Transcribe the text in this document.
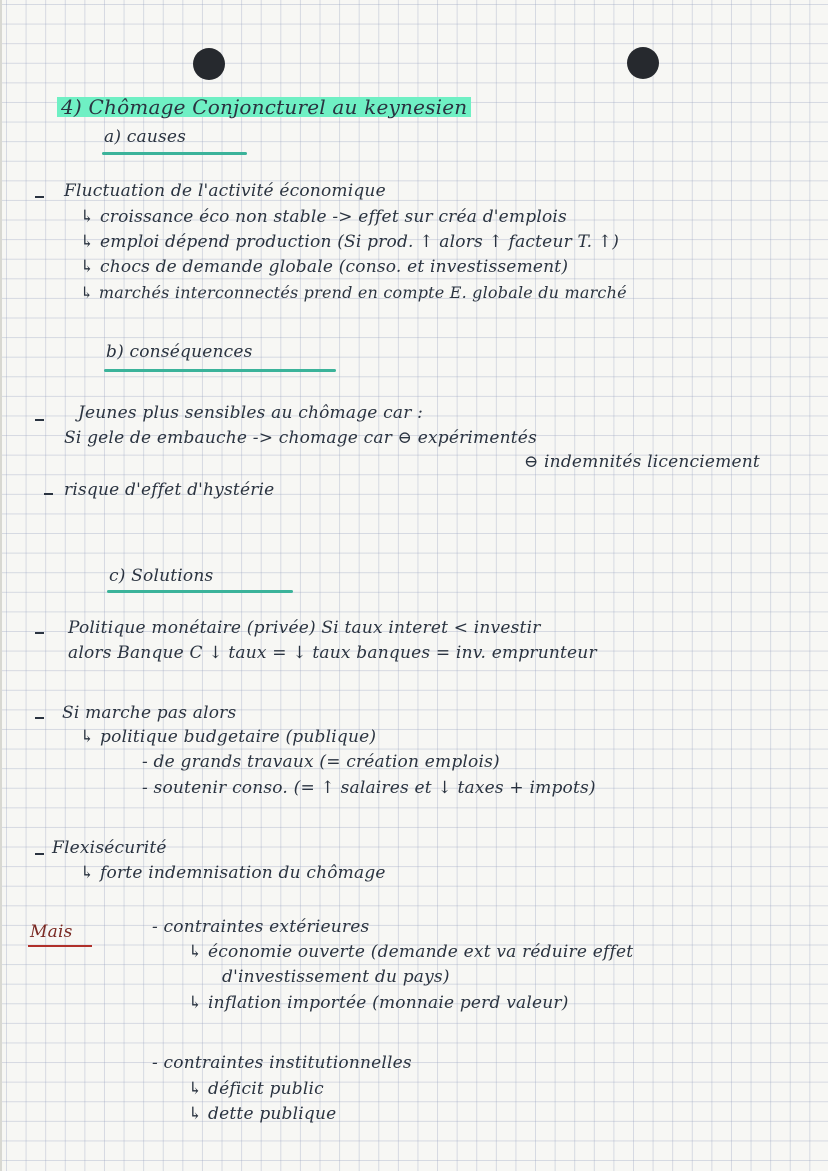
4) Chômage Conjoncturel au keynesien
a) causes
Fluctuation de l'activité économique
↳ croissance éco non stable -> effet sur créa d'emplois
↳ emploi dépend production (Si prod. ↑ alors ↑ facteur T. ↑)
↳ chocs de demande globale (conso. et investissement)
↳ marchés interconnectés prend en compte E. globale du marché
b) conséquences
Jeunes plus sensibles au chômage car :
Si gele de embauche -> chomage car ⊖ expérimentés
⊖ indemnités licenciement
risque d'effet d'hystérie
c) Solutions
Politique monétaire (privée) Si taux interet < investir
alors Banque C ↓ taux = ↓ taux banques = inv. emprunteur
Si marche pas alors
↳ politique budgetaire (publique)
- de grands travaux (= création emplois)
- soutenir conso. (= ↑ salaires et ↓ taxes + impots)
Flexisécurité
↳ forte indemnisation du chômage
Mais	- contraintes extérieures
↳ économie ouverte (demande ext va réduire effet
d'investissement du pays)
↳ inflation importée (monnaie perd valeur)
- contraintes institutionnelles
↳ déficit public
↳ dette publique
